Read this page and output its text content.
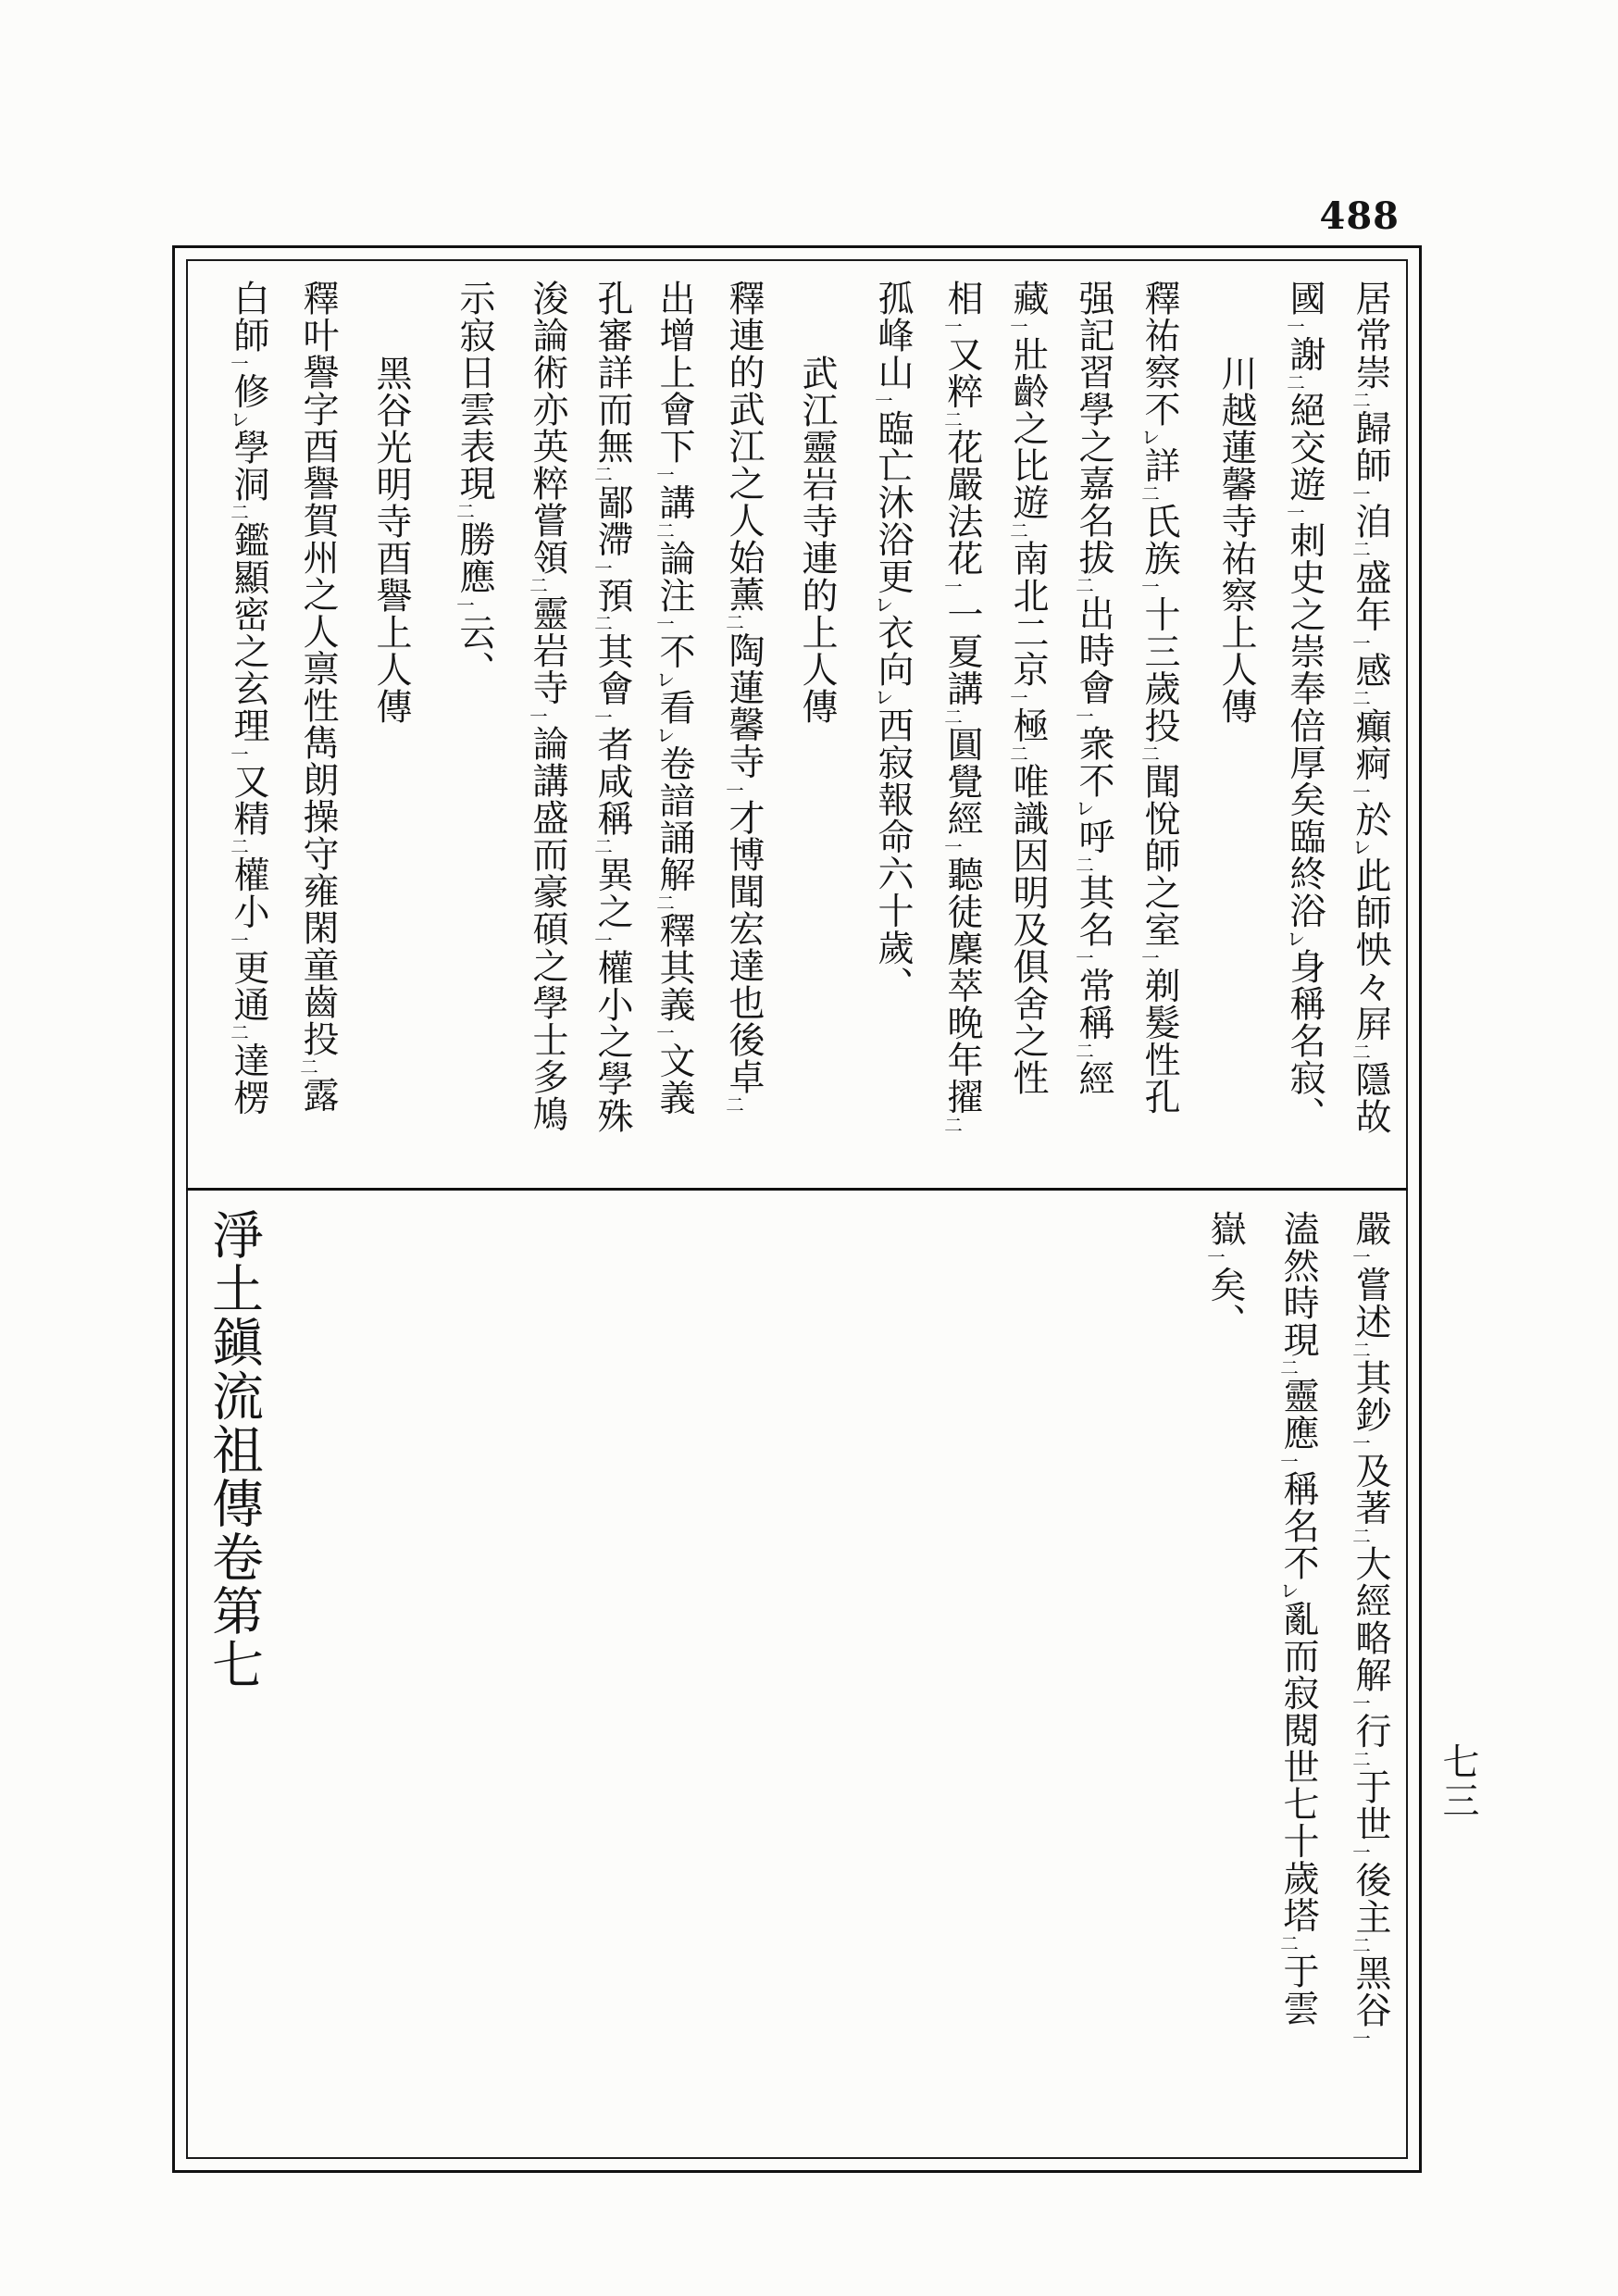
488
居常崇㆓歸師㆒洎㆓盛年㆒感㆓癲痾㆒於㆑此師怏々屛㆓隱故
國㆒謝㆓絕交遊㆒刺史之崇奉倍厚矣臨終浴㆑身稱名寂、
川越蓮馨寺祐察上人傳
釋祐察不㆑詳㆓氏族㆒十三歲投㆓聞悅師之室㆒剃髮性孔
强記習學之嘉名拔㆓出時會㆒衆不㆑呼㆓其名㆒常稱㆓經
藏㆒壯齡之比遊㆓南北二京㆒極㆓唯識因明及俱舍之性
相㆒又粹㆓花嚴法花㆒一夏講㆓圓覺經㆒聽徒麇萃晚年擢㆓
孤峰山㆒臨亡沐浴更㆑衣向㆑西寂報命六十歲、
武江靈岩寺連的上人傳
釋連的武江之人始薰㆓陶蓮馨寺㆒才博聞宏達也後卓㆓
出增上會下㆒講㆓論注㆒不㆑看㆑卷諳誦解㆓釋其義㆒文義
孔審詳而無㆓鄙滯㆒預㆓其會㆒者咸稱㆓異之㆒權小之學殊
浚論術亦英粹嘗領㆓靈岩寺㆒論講盛而豪碩之學士多鳩
示寂日雲表現㆓勝應㆒云、
黑谷光明寺酉譽上人傳
釋叶譽字酉譽賀州之人禀性雋朗操守雍閑童齒投㆓露
白師㆒修㆑學洞㆓鑑顯密之玄理㆒又精㆓權小㆒更通㆓達楞
嚴㆒嘗述㆓其鈔㆒及著㆓大經略解㆒行㆓于世㆒後主㆓黑谷㆒
溘然時現㆓靈應㆒稱名不㆑亂而寂閱世七十歲塔㆓于雲
嶽㆒矣、
淨土鎭流祖傳卷第七
七三
